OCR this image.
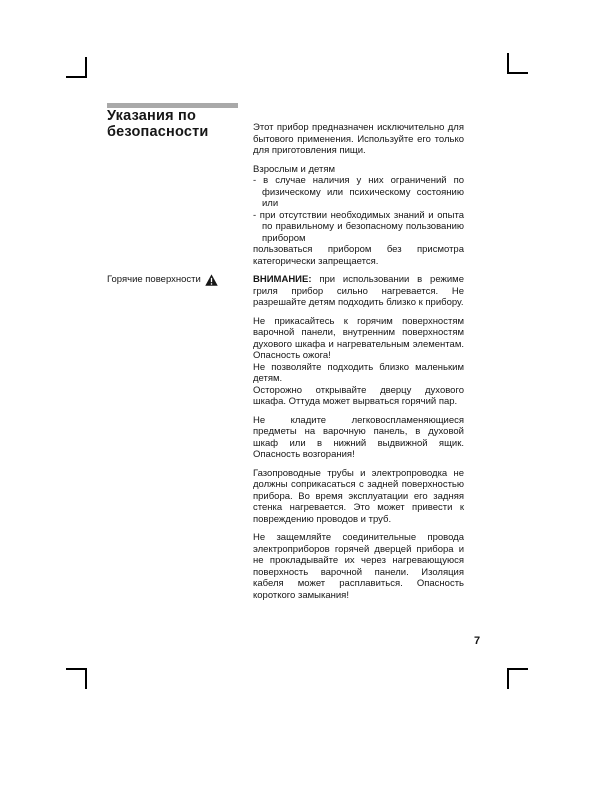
Указания по безопасности	Этот прибор предназначен исключительно для бытового применения. Используйте его только для приготовления пищи.

Взрослым и детям
- в случае наличия у них ограничений по физическому или психическому состоянию или
- при отсутствии необходимых знаний и опыта по правильному и безопасному пользованию прибором
пользоваться прибором без присмотра категорически запрещается.

Горячие поверхности	ВНИМАНИЕ: при использовании в режиме гриля прибор сильно нагревается. Не разрешайте детям подходить близко к прибору.

Не прикасайтесь к горячим поверхностям варочной панели, внутренним поверхностям духового шкафа и нагревательным элементам. Опасность ожога!
Не позволяйте подходить близко маленьким детям.
Осторожно открывайте дверцу духового шкафа. Оттуда может вырваться горячий пар.

Не кладите легковоспламеняющиеся предметы на варочную панель, в духовой шкаф или в нижний выдвижной ящик. Опасность возгорания!

Газопроводные трубы и электропроводка не должны соприкасаться с задней поверхностью прибора. Во время эксплуатации его задняя стенка нагревается. Это может привести к повреждению проводов и труб.

Не защемляйте соединительные провода электроприборов горячей дверцей прибора и не прокладывайте их через нагревающуюся поверхность варочной панели. Изоляция кабеля может расплавиться. Опасность короткого замыкания!

7
